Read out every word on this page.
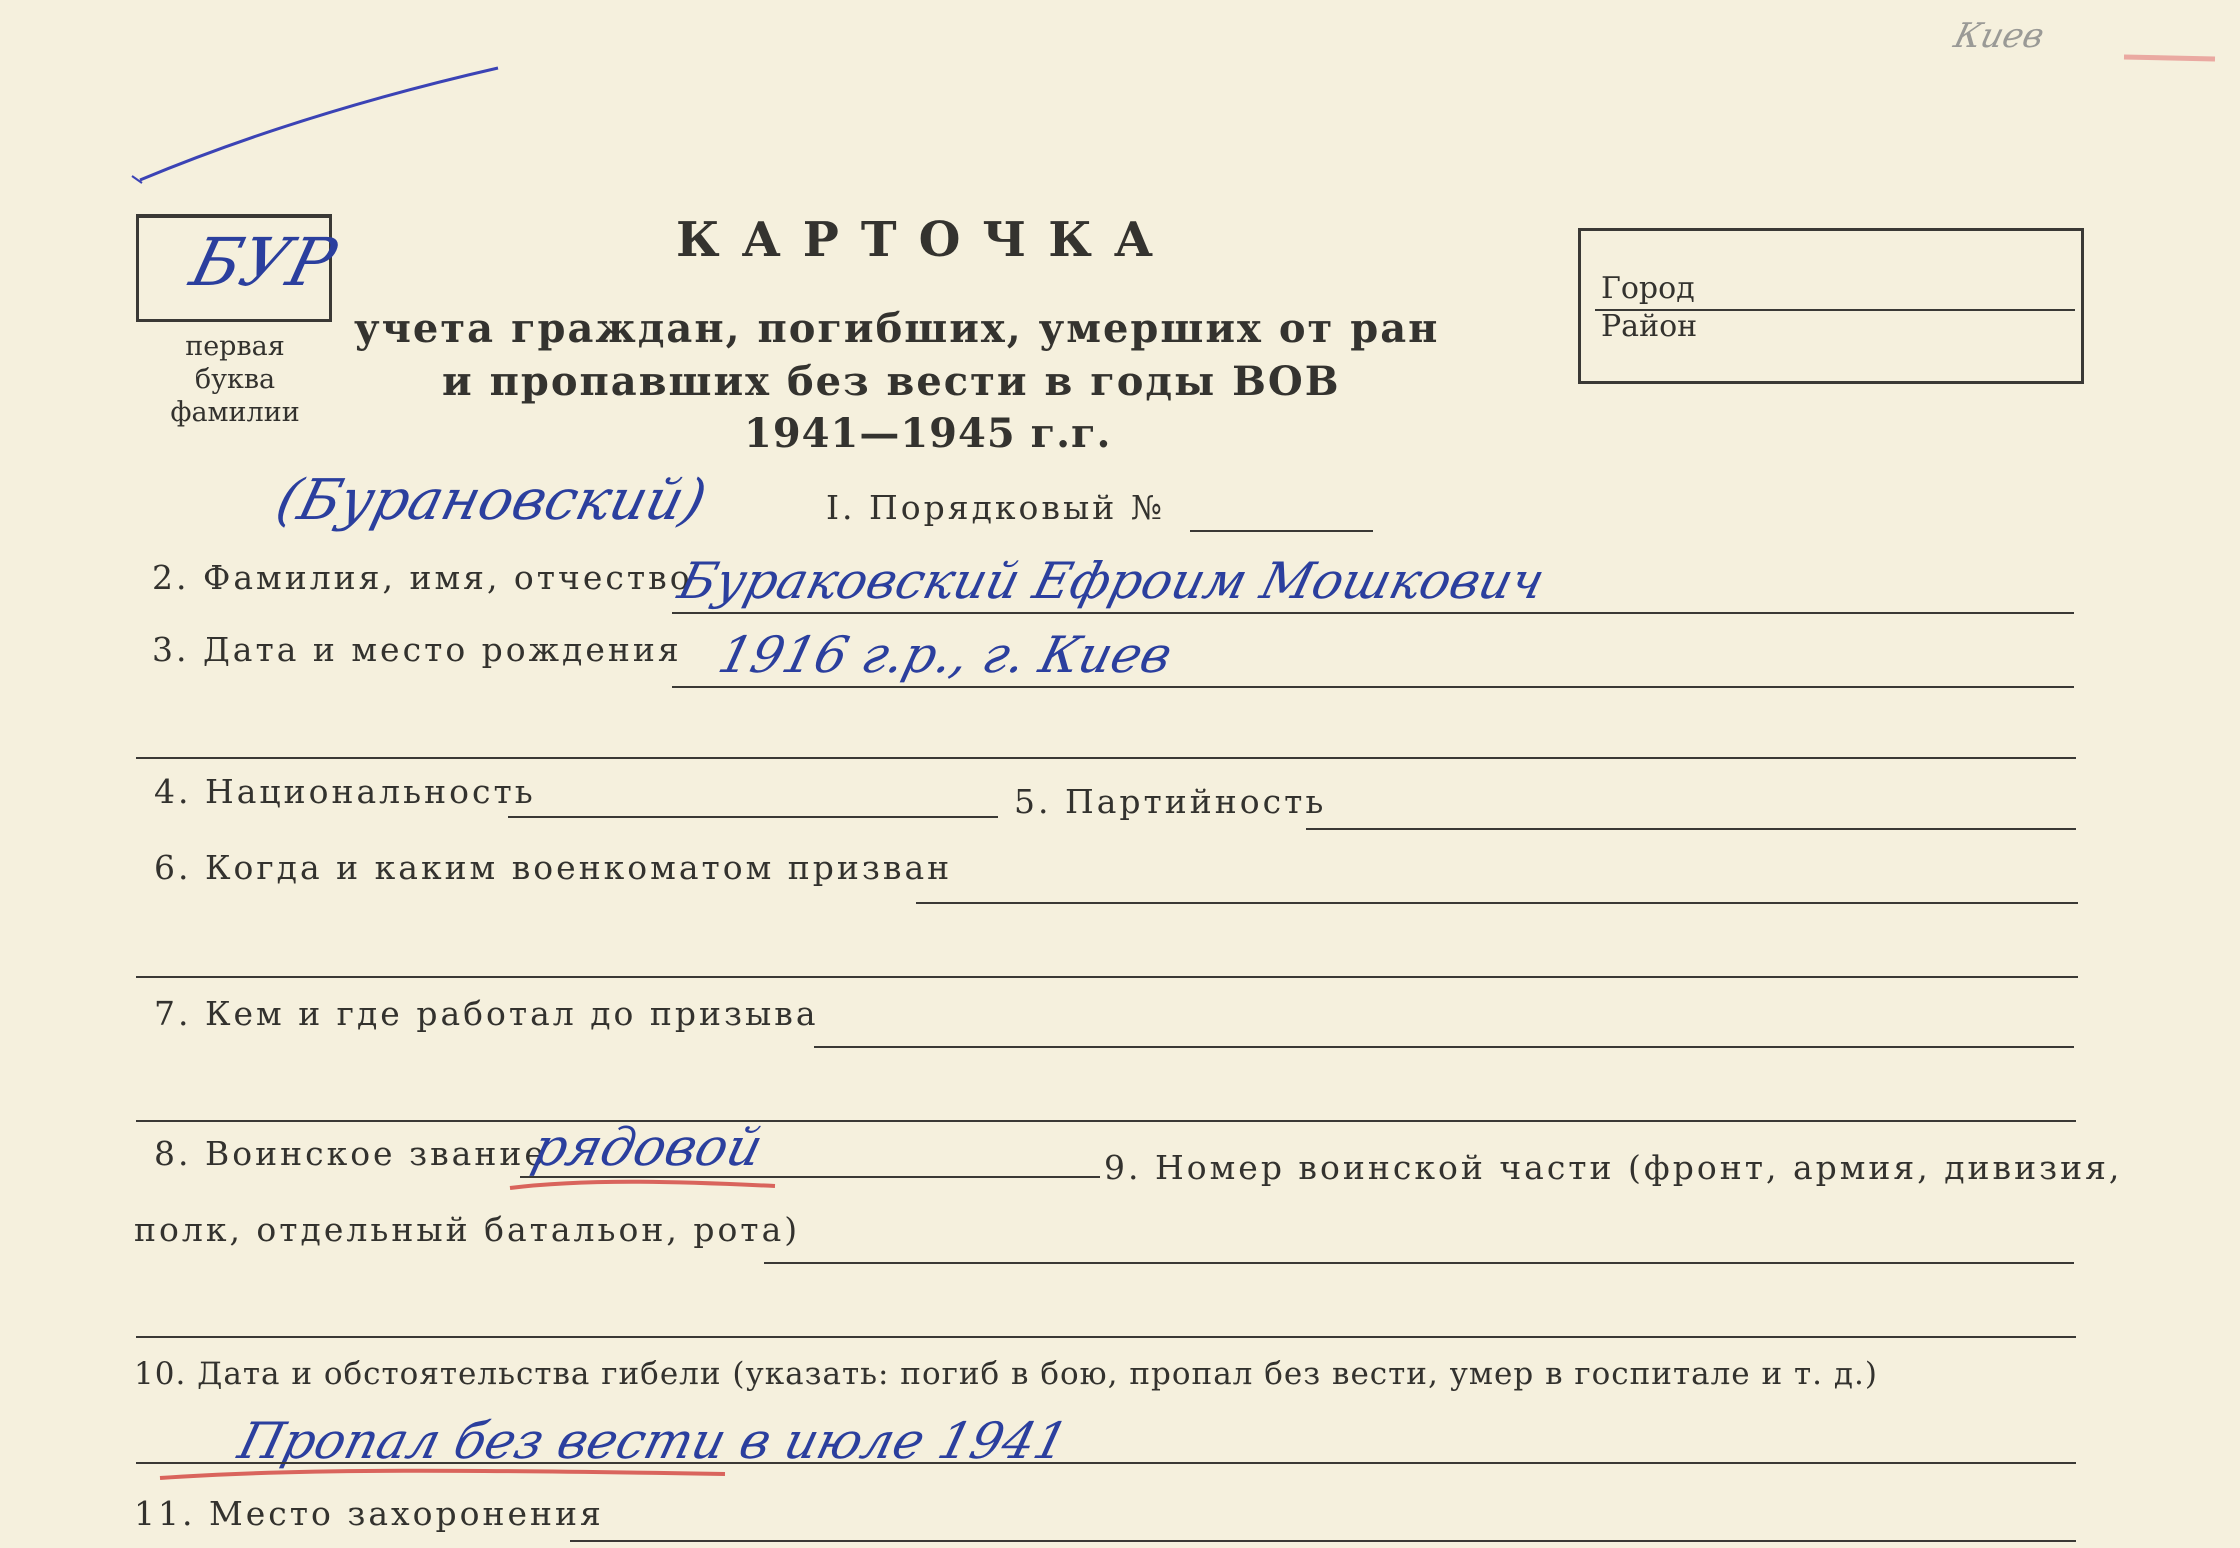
Киев
БУР
первая
буква
фамилии
КАРТОЧКА
учета граждан, погибших, умерших от ран
и пропавших без вести в годы ВОВ
1941—1945 г.г.
Город
Район
(Бурановский)	I. Порядковый №
2. Фамилия, имя, отчество
Бураковский Ефроим Мошкович
3. Дата и место рождения 1916 г.р., г. Киев
4. Национальность	5. Партийность
6. Когда и каким военкоматом призван
7. Кем и где работал до призыва
8. Воинское звание
рядовой	9. Номер воинской части (фронт, армия, дивизия,
полк, отдельный батальон, рота)
10. Дата и обстоятельства гибели (указать: погиб в бою, пропал без вести, умер в госпитале и т. д.)
Пропал без вести в июле 1941
11. Место захоронения
